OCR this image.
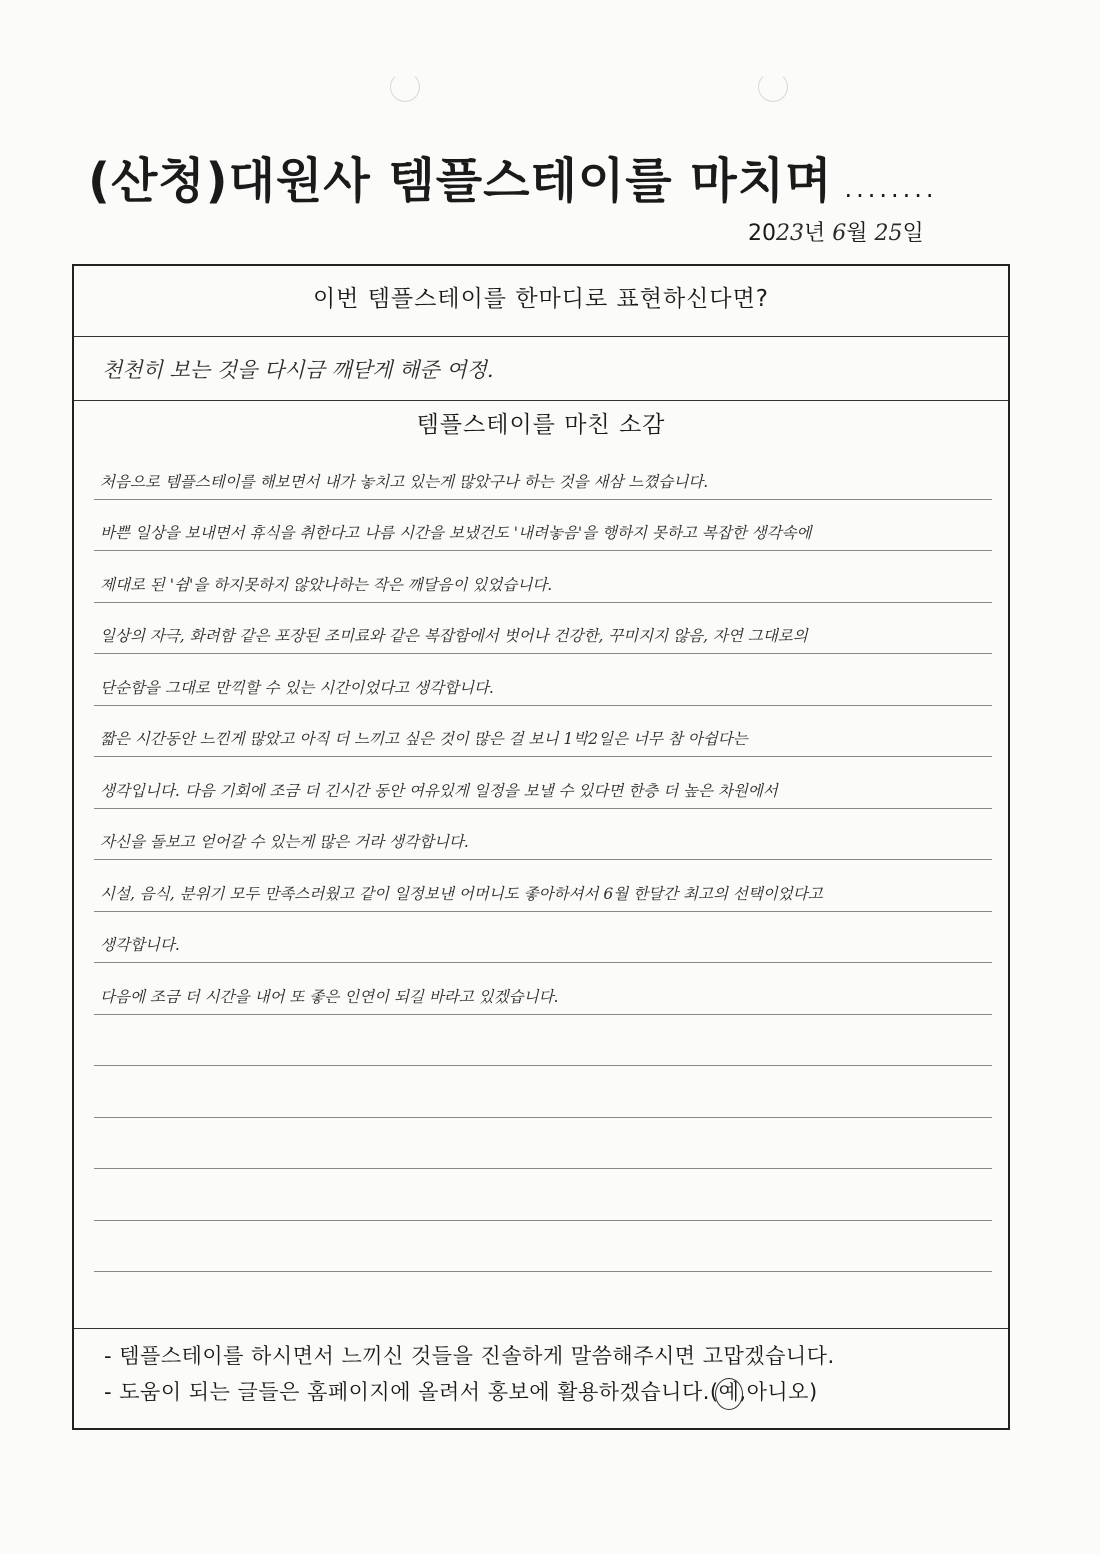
(산청)대원사 템플스테이를 마치며 ........
2023년 6월 25일
이번 템플스테이를 한마디로 표현하신다면?
천천히 보는 것을 다시금 깨닫게 해준 여정.
템플스테이를 마친 소감
처음으로 템플스테이를 해보면서 내가 놓치고 있는게 많았구나 하는 것을 새삼 느꼈습니다.
바쁜 일상을 보내면서 휴식을 취한다고 나름 시간을 보냈건도 '내려놓음'을 행하지 못하고 복잡한 생각속에
제대로 된 '쉼'을 하지못하지 않았나하는 작은 깨달음이 있었습니다.
일상의 자극, 화려함 같은 포장된 조미료와 같은 복잡함에서 벗어나 건강한, 꾸미지지 않음, 자연 그대로의
단순함을 그대로 만끽할 수 있는 시간이었다고 생각합니다.
짧은 시간동안 느낀게 많았고 아직 더 느끼고 싶은 것이 많은 걸 보니 1박2일은 너무 참 아쉽다는
생각입니다. 다음 기회에 조금 더 긴시간 동안 여유있게 일정을 보낼 수 있다면 한층 더 높은 차원에서
자신을 돌보고 얻어갈 수 있는게 많은 거라 생각합니다.
시설, 음식, 분위기 모두 만족스러웠고 같이 일정보낸 어머니도 좋아하셔서 6월 한달간 최고의 선택이었다고
생각합니다.
다음에 조금 더 시간을 내어 또 좋은 인연이 되길 바라고 있겠습니다.
- 템플스테이를 하시면서 느끼신 것들을 진솔하게 말씀해주시면 고맙겠습니다.
- 도움이 되는 글들은 홈페이지에 올려서 홍보에 활용하겠습니다.(예,아니오)
